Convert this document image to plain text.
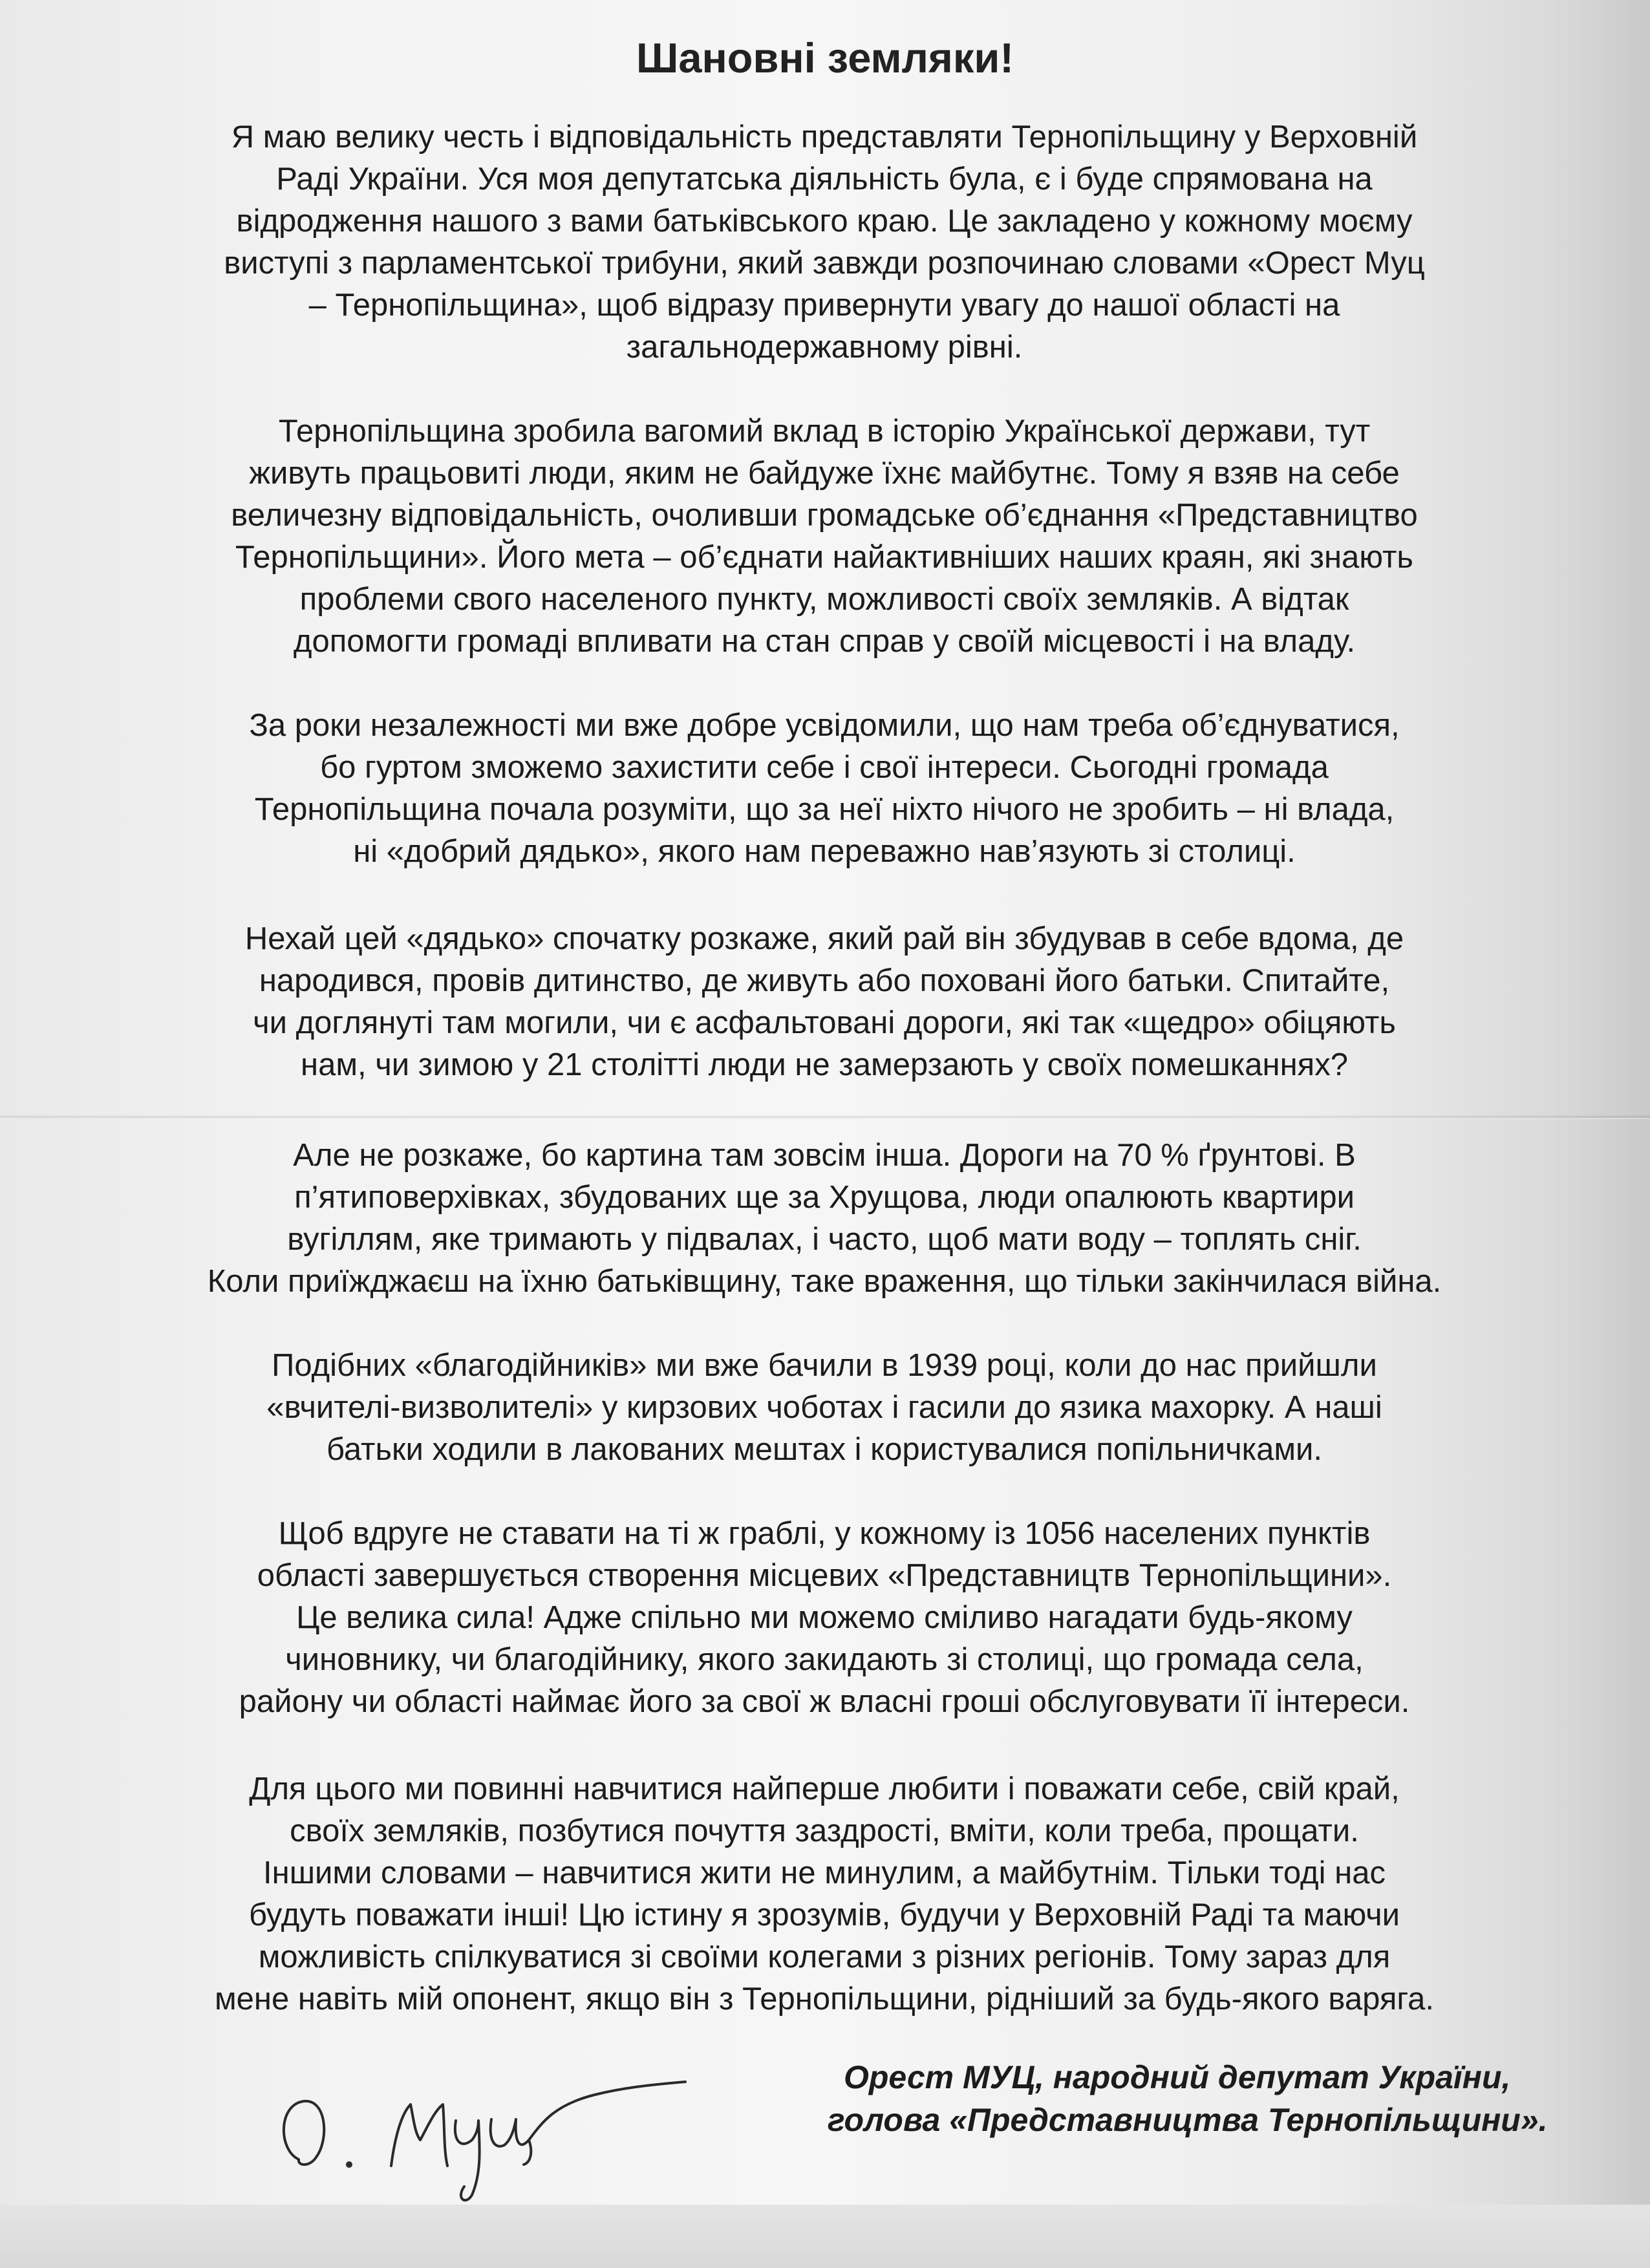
Шановні земляки!
Я маю велику честь і відповідальність представляти Тернопільщину у Верховній
Раді України. Уся моя депутатська діяльність була, є і буде спрямована на
відродження нашого з вами батьківського краю. Це закладено у кожному моєму
виступі з парламентської трибуни, який завжди розпочинаю словами «Орест Муц
– Тернопільщина», щоб відразу привернути увагу до нашої області на
загальнодержавному рівні.
Тернопільщина зробила вагомий вклад в історію Української держави, тут
живуть працьовиті люди, яким не байдуже їхнє майбутнє. Тому я взяв на себе
величезну відповідальність, очоливши громадське об’єднання «Представництво
Тернопільщини». Його мета – об’єднати найактивніших наших краян, які знають
проблеми свого населеного пункту, можливості своїх земляків. А відтак
допомогти громаді впливати на стан справ у своїй місцевості і на владу.
За роки незалежності ми вже добре усвідомили, що нам треба об’єднуватися,
бо гуртом зможемо захистити себе і свої інтереси. Сьогодні громада
Тернопільщина почала розуміти, що за неї ніхто нічого не зробить – ні влада,
ні «добрий дядько», якого нам переважно нав’язують зі столиці.
Нехай цей «дядько» спочатку розкаже, який рай він збудував в себе вдома, де
народився, провів дитинство, де живуть або поховані його батьки. Спитайте,
чи доглянуті там могили, чи є асфальтовані дороги, які так «щедро» обіцяють
нам, чи зимою у 21 столітті люди не замерзають у своїх помешканнях?
Але не розкаже, бо картина там зовсім інша. Дороги на 70 % ґрунтові. В
п’ятиповерхівках, збудованих ще за Хрущова, люди опалюють квартири
вугіллям, яке тримають у підвалах, і часто, щоб мати воду – топлять сніг.
Коли приїжджаєш на їхню батьківщину, таке враження, що тільки закінчилася війна.
Подібних «благодійників» ми вже бачили в 1939 році, коли до нас прийшли
«вчителі-визволителі» у кирзових чоботах і гасили до язика махорку. А наші
батьки ходили в лакованих мештах і користувалися попільничками.
Щоб вдруге не ставати на ті ж граблі, у кожному із 1056 населених пунктів
області завершується створення місцевих «Представництв Тернопільщини».
Це велика сила! Адже спільно ми можемо сміливо нагадати будь-якому
чиновнику, чи благодійнику, якого закидають зі столиці, що громада села,
району чи області наймає його за свої ж власні гроші обслуговувати її інтереси.
Для цього ми повинні навчитися найперше любити і поважати себе, свій край,
своїх земляків, позбутися почуття заздрості, вміти, коли треба, прощати.
Іншими словами – навчитися жити не минулим, а майбутнім. Тільки тоді нас
будуть поважати інші! Цю істину я зрозумів, будучи у Верховній Раді та маючи
можливість спілкуватися зі своїми колегами з різних регіонів. Тому зараз для
мене навіть мій опонент, якщо він з Тернопільщини, рідніший за будь-якого варяга.
Орест МУЦ, народний депутат України,
голова «Представництва Тернопільщини».
